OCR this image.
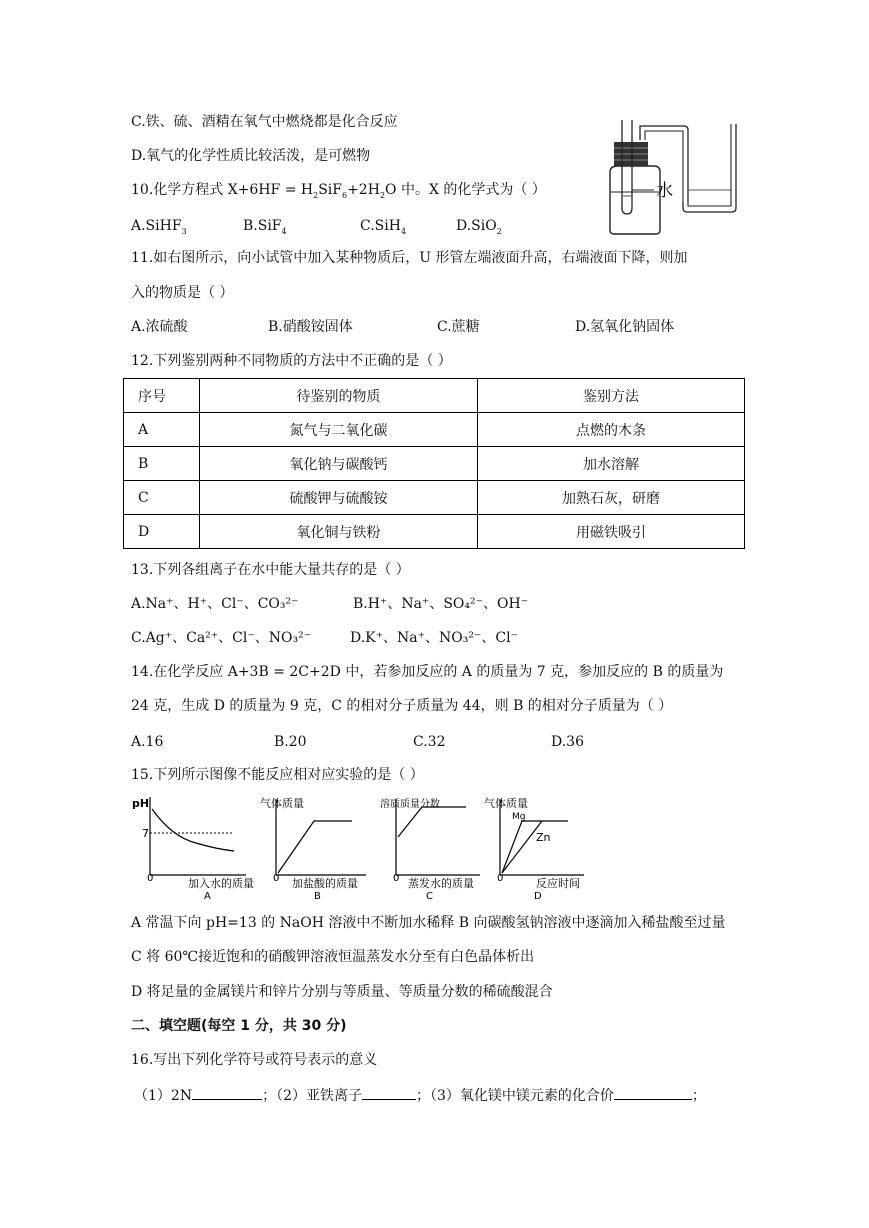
C.铁、硫、酒精在氧气中燃烧都是化合反应
D.氧气的化学性质比较活泼，是可燃物
水
10.化学方程式 $X+6HF = H_2SiF_6+2H_2O$ 中。X 的化学式为（ ）
A.SiHF$_3$	B.SiF$_4$	C.SiH$_4$	D.SiO$_2$
11.如右图所示，向小试管中加入某种物质后，U 形管左端液面升高，右端液面下降，则加
入的物质是（ ）
A.浓硫酸	B.硝酸铵固体	C.蔗糖	D.氢氧化钠固体
12.下列鉴别两种不同物质的方法中不正确的是（ ）
序号	待鉴别的物质	鉴别方法
A	氮气与二氧化碳	点燃的木条
B	氧化钠与碳酸钙	加水溶解
C	硫酸钾与硫酸铵	加熟石灰，研磨
D	氧化铜与铁粉	用磁铁吸引
13.下列各组离子在水中能大量共存的是（ ）
A.Na⁺、H⁺、Cl⁻、CO₃²⁻	B.H⁺、Na⁺、SO₄²⁻、OH⁻
C.Ag⁺、Ca²⁺、Cl⁻、NO₃²⁻	D.K⁺、Na⁺、NO₃²⁻、Cl⁻
14.在化学反应 A+3B = 2C+2D 中，若参加反应的 A 的质量为 7 克，参加反应的 B 的质量为
24 克，生成 D 的质量为 9 克，C 的相对分子质量为 44，则 B 的相对分子质量为（ ）
A.16	B.20	C.32	D.36
15.下列所示图像不能反应相对应实验的是（ ）
pH
7
0	加入水的质量
A
气体质量
0 加盐酸的质量
B
溶质质量分数
0 蒸发水的质量
C
气体质量
Mg
Zn
0	反应时间
D
A 常温下向 pH=13 的 NaOH 溶液中不断加水稀释 B 向碳酸氢钠溶液中逐滴加入稀盐酸至过量
C 将 60℃接近饱和的硝酸钾溶液恒温蒸发水分至有白色晶体析出
D 将足量的金属镁片和锌片分别与等质量、等质量分数的稀硫酸混合
二、填空题(每空 1 分，共 30 分)
16.写出下列化学符号或符号表示的意义
（1）2N	；（2）亚铁离子	；（3）氧化镁中镁元素的化合价	；
